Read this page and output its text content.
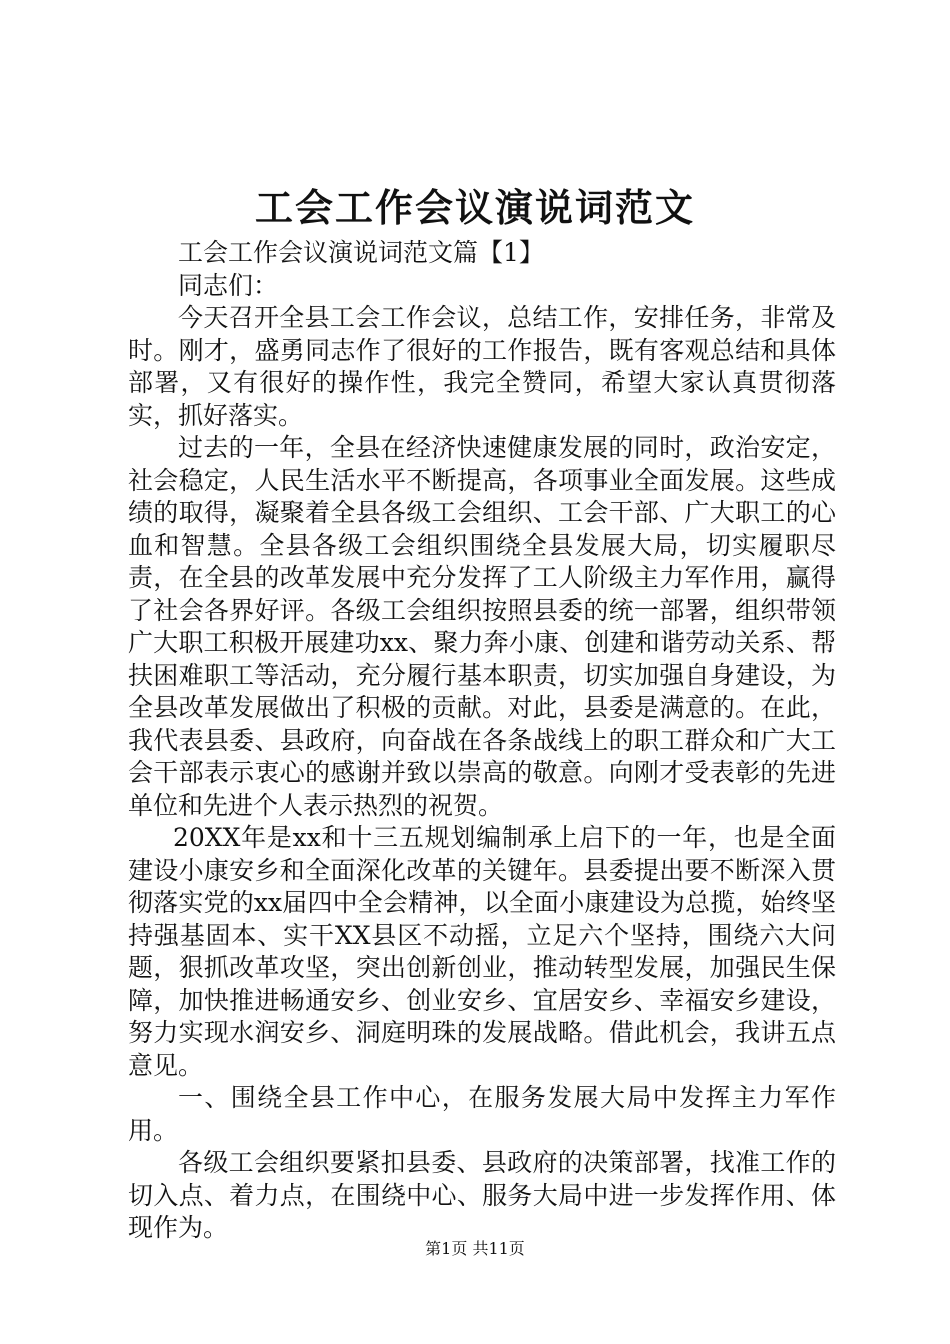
工会工作会议演说词范文

工会工作会议演说词范文篇【1】

同志们：

今天召开全县工会工作会议，总结工作，安排任务，非常及时。刚才，盛勇同志作了很好的工作报告，既有客观总结和具体部署，又有很好的操作性，我完全赞同，希望大家认真贯彻落实，抓好落实。

过去的一年，全县在经济快速健康发展的同时，政治安定，社会稳定，人民生活水平不断提高，各项事业全面发展。这些成绩的取得，凝聚着全县各级工会组织、工会干部、广大职工的心血和智慧。全县各级工会组织围绕全县发展大局，切实履职尽责，在全县的改革发展中充分发挥了工人阶级主力军作用，赢得了社会各界好评。各级工会组织按照县委的统一部署，组织带领广大职工积极开展建功xx、聚力奔小康、创建和谐劳动关系、帮扶困难职工等活动，充分履行基本职责，切实加强自身建设，为全县改革发展做出了积极的贡献。对此，县委是满意的。在此，我代表县委、县政府，向奋战在各条战线上的职工群众和广大工会干部表示衷心的感谢并致以崇高的敬意。向刚才受表彰的先进单位和先进个人表示热烈的祝贺。

20XX年是xx和十三五规划编制承上启下的一年，也是全面建设小康安乡和全面深化改革的关键年。县委提出要不断深入贯彻落实党的xx届四中全会精神，以全面小康建设为总揽，始终坚持强基固本、实干XX县区不动摇，立足六个坚持，围绕六大问题，狠抓改革攻坚，突出创新创业，推动转型发展，加强民生保障，加快推进畅通安乡、创业安乡、宜居安乡、幸福安乡建设，努力实现水润安乡、洞庭明珠的发展战略。借此机会，我讲五点意见。

一、围绕全县工作中心，在服务发展大局中发挥主力军作用。

各级工会组织要紧扣县委、县政府的决策部署，找准工作的切入点、着力点，在围绕中心、服务大局中进一步发挥作用、体现作为。

第1页 共11页
